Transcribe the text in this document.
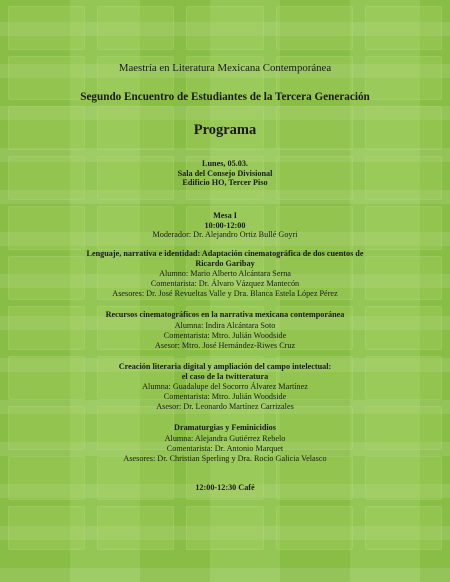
Maestría en Literatura Mexicana Contemporánea
Segundo Encuentro de Estudiantes de la Tercera Generación
Programa
Lunes, 05.03.
Sala del Consejo Divisional
Edificio HO, Tercer Piso
Mesa I
10:00-12:00
Moderador: Dr. Alejandro Ortiz Bullé Goyri
Lenguaje, narrativa e identidad: Adaptación cinematográfica de dos cuentos de
Ricardo Garibay
Alumno: Mario Alberto Alcántara Serna
Comentarista: Dr. Álvaro Vázquez Mantecón
Asesores: Dr. José Revueltas Valle y Dra. Blanca Estela López Pérez
Recursos cinematográficos en la narrativa mexicana contemporánea
Alumna: Indira Alcántara Soto
Comentarista: Mtro. Julián Woodside
Asesor: Mtro. José Hernández-Riwes Cruz
Creación literaria digital y ampliación del campo intelectual:
el caso de la twitteratura
Alumna: Guadalupe del Socorro Álvarez Martínez
Comentarista: Mtro. Julián Woodside
Asesor: Dr. Leonardo Martínez Carrizales
Dramaturgias y Feminicidios
Alumna: Alejandra Gutiérrez Rebelo
Comentarista: Dr. Antonio Marquet
Asesores: Dr. Christian Sperling y Dra. Rocío Galicia Velasco
12:00-12:30 Café
